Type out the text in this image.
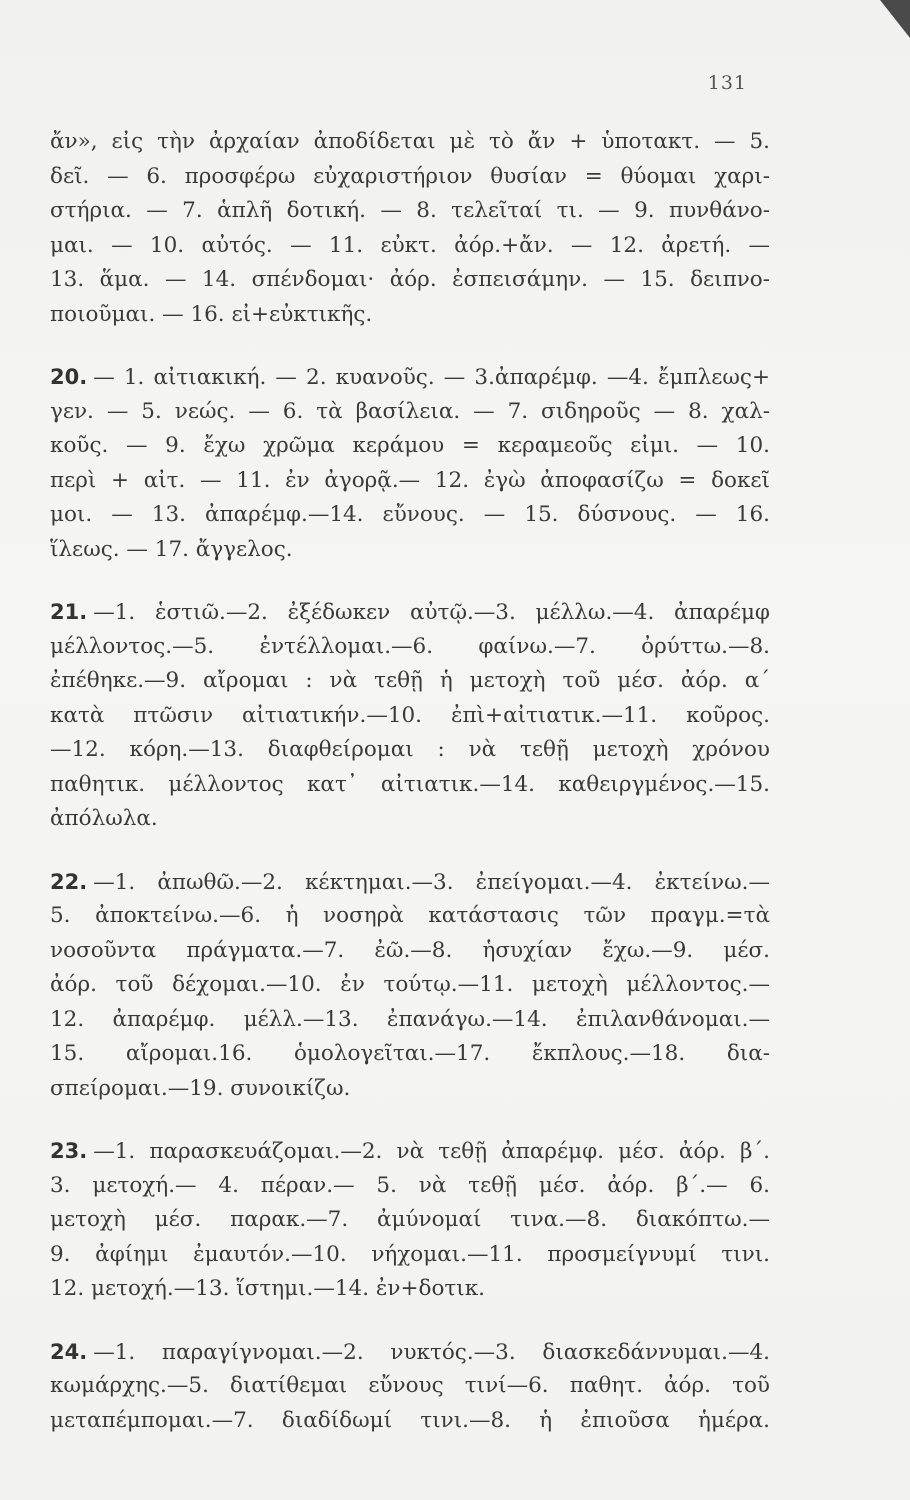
131
ἄν», εἰς τὴν ἀρχαίαν ἀποδίδεται μὲ τὸ ἄν + ὑποτακτ. — 5.
δεῖ. — 6. προσφέρω εὐχαριστήριον θυσίαν = θύομαι χαρι-
στήρια. — 7. ἁπλῆ δοτική. — 8. τελεῖταί τι. — 9. πυνθάνο-
μαι. — 10. αὐτός. — 11. εὐκτ. ἀόρ.+ἄν. — 12. ἀρετή. —
13. ἅμα. — 14. σπένδομαι· ἀόρ. ἐσπεισάμην. — 15. δειπνο-
ποιοῦμαι. — 16. εἰ+εὐκτικῆς.
20. — 1. αἰτιακική. — 2. κυανοῦς. — 3.ἀπαρέμφ. —4. ἔμπλεως+
γεν. — 5. νεώς. — 6. τὰ βασίλεια. — 7. σιδηροῦς — 8. χαλ-
κοῦς. — 9. ἔχω χρῶμα κεράμου = κεραμεοῦς εἰμι. — 10.
περὶ + αἰτ. — 11. ἐν ἀγορᾷ.— 12. ἐγὼ ἀποφασίζω = δοκεῖ
μοι. — 13. ἀπαρέμφ.—14. εὔνους. — 15. δύσνους. — 16.
ἵλεως. — 17. ἄγγελος.
21. —1. ἑστιῶ.—2. ἐξέδωκεν αὐτῷ.—3. μέλλω.—4. ἀπαρέμφ
μέλλοντος.—5. ἐντέλλομαι.—6. φαίνω.—7. ὀρύττω.—8.
ἐπέθηκε.—9. αἴρομαι : νὰ τεθῇ ἡ μετοχὴ τοῦ μέσ. ἀόρ. α΄
κατὰ πτῶσιν αἰτιατικήν.—10. ἐπὶ+αἰτιατικ.—11. κοῦρος.
—12. κόρη.—13. διαφθείρομαι : νὰ τεθῇ μετοχὴ χρόνου
παθητικ. μέλλοντος κατ᾽ αἰτιατικ.—14. καθειργμένος.—15.
ἀπόλωλα.
22. —1. ἀπωθῶ.—2. κέκτημαι.—3. ἐπείγομαι.—4. ἐκτείνω.—
5. ἀποκτείνω.—6. ἡ νοσηρὰ κατάστασις τῶν πραγμ.=τὰ
νοσοῦντα πράγματα.—7. ἐῶ.—8. ἡσυχίαν ἔχω.—9. μέσ.
ἀόρ. τοῦ δέχομαι.—10. ἐν τούτῳ.—11. μετοχὴ μέλλοντος.—
12. ἀπαρέμφ. μέλλ.—13. ἐπανάγω.—14. ἐπιλανθάνομαι.—
15. αἴρομαι.16. ὁμολογεῖται.—17. ἔκπλους.—18. δια-
σπείρομαι.—19. συνοικίζω.
23. —1. παρασκευάζομαι.—2. νὰ τεθῇ ἀπαρέμφ. μέσ. ἀόρ. β΄.
3. μετοχή.— 4. πέραν.— 5. νὰ τεθῇ μέσ. ἀόρ. β΄.— 6.
μετοχὴ μέσ. παρακ.—7. ἀμύνομαί τινα.—8. διακόπτω.—
9. ἀφίημι ἐμαυτόν.—10. νήχομαι.—11. προσμείγνυμί τινι.
12. μετοχή.—13. ἵστημι.—14. ἐν+δοτικ.
24. —1. παραγίγνομαι.—2. νυκτός.—3. διασκεδάννυμαι.—4.
κωμάρχης.—5. διατίθεμαι εὔνους τινί—6. παθητ. ἀόρ. τοῦ
μεταπέμπομαι.—7. διαδίδωμί τινι.—8. ἡ ἐπιοῦσα ἡμέρα.
